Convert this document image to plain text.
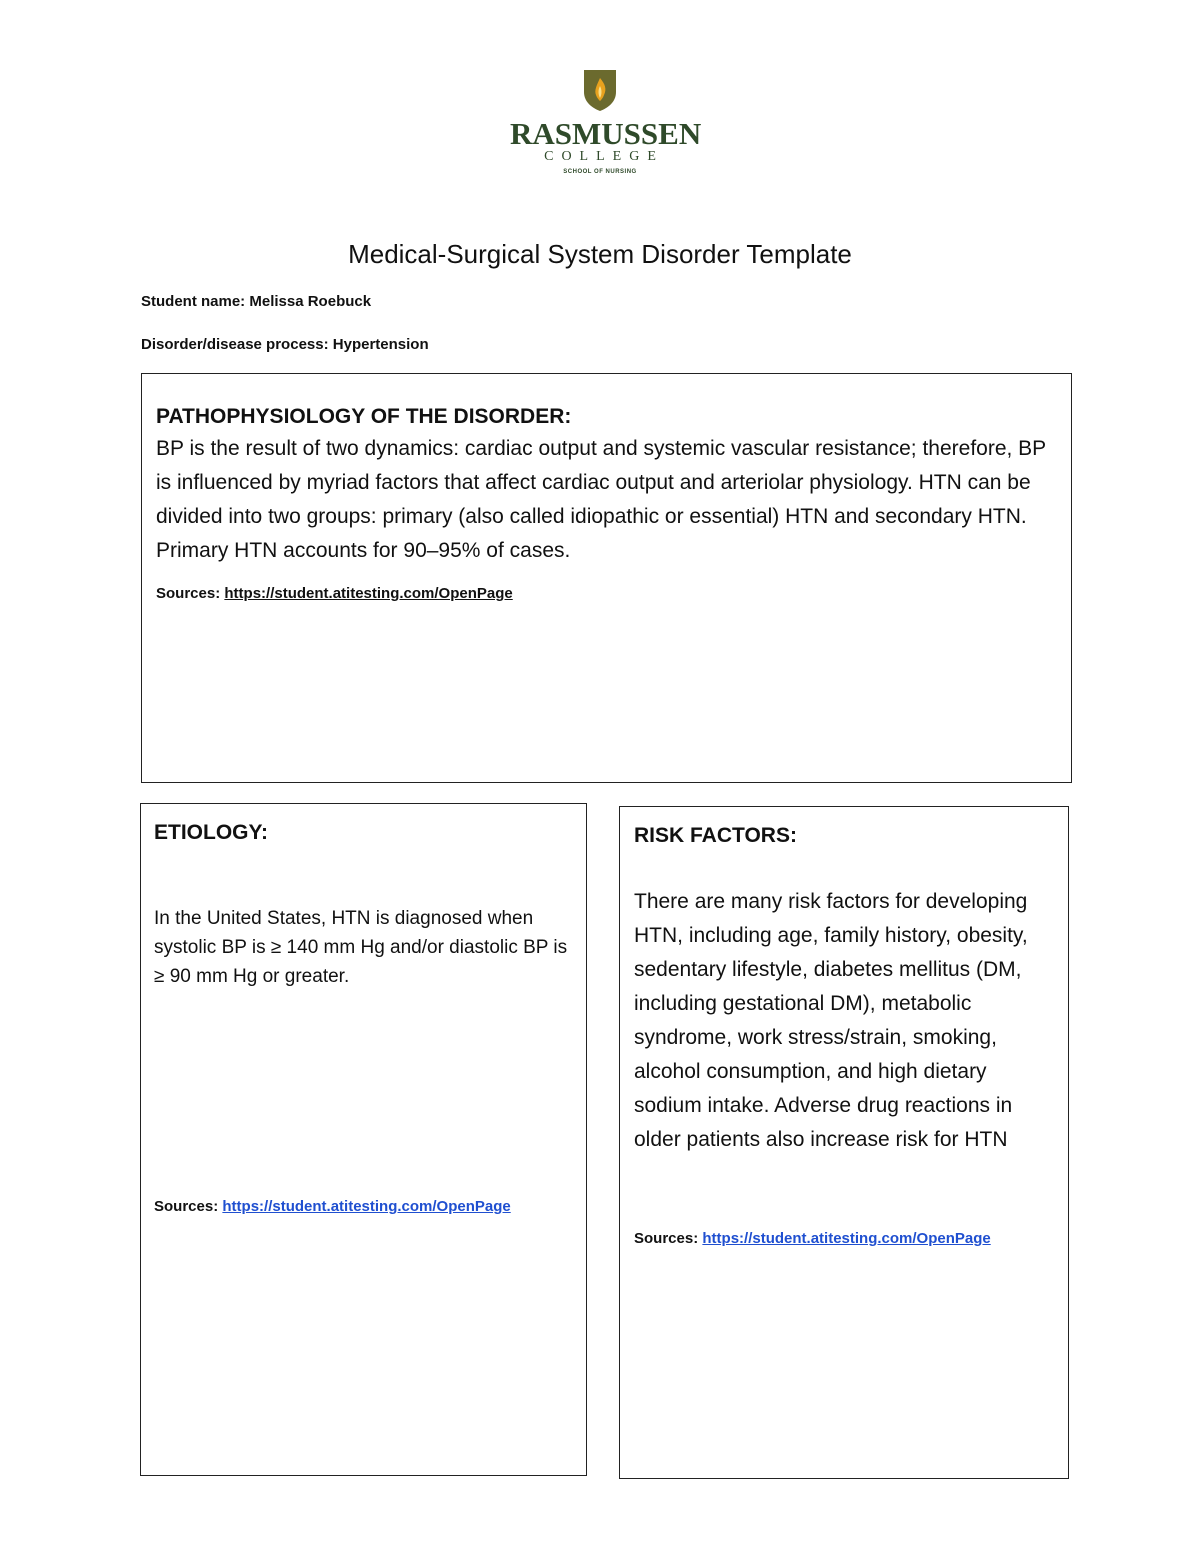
RASMUSSEN
COLLEGE
SCHOOL OF NURSING
Medical-Surgical System Disorder Template
Student name: Melissa Roebuck
Disorder/disease process: Hypertension

PATHOPHYSIOLOGY OF THE DISORDER:

BP is the result of two dynamics: cardiac output and systemic vascular resistance; therefore, BP is influenced by myriad factors that affect cardiac output and arteriolar physiology. HTN can be divided into two groups: primary (also called idiopathic or essential) HTN and secondary HTN. Primary HTN accounts for 90–95% of cases.

Sources: https://student.atitesting.com/OpenPage

ETIOLOGY:

In the United States, HTN is diagnosed when systolic BP is ≥ 140 mm Hg and/or diastolic BP is ≥ 90 mm Hg or greater.

Sources: https://student.atitesting.com/OpenPage

RISK FACTORS:

There are many risk factors for developing HTN, including age, family history, obesity, sedentary lifestyle, diabetes mellitus (DM, including gestational DM), metabolic syndrome, work stress/strain, smoking, alcohol consumption, and high dietary sodium intake. Adverse drug reactions in older patients also increase risk for HTN

Sources: https://student.atitesting.com/OpenPage
